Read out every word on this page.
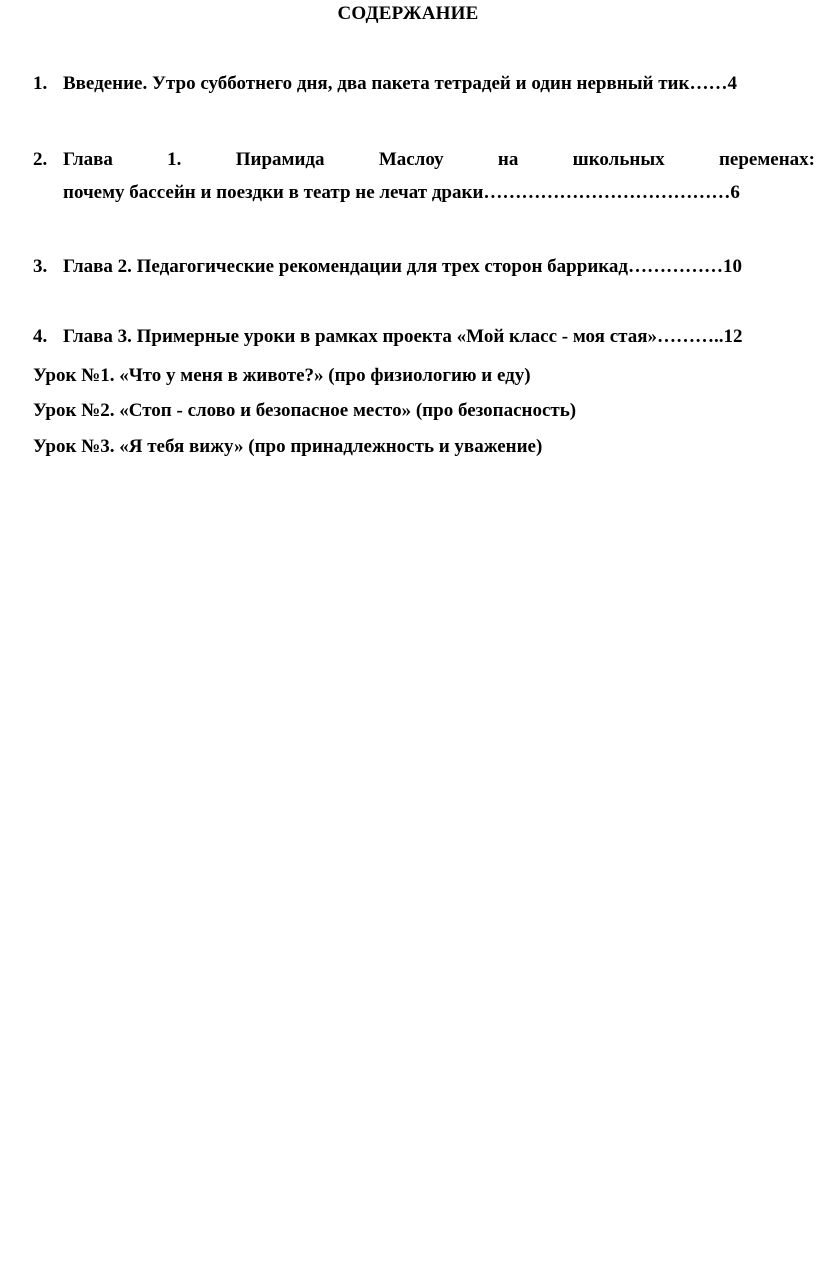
СОДЕРЖАНИЕ
1. Введение. Утро субботнего дня, два пакета тетрадей и один нервный тик……4
2. Глава	1.	Пирамида	Маслоу	на	школьных	переменах:
почему бассейн и поездки в театр не лечат драки…………………………………6
3. Глава 2. Педагогические рекомендации для трех сторон баррикад……………10
4. Глава 3. Примерные уроки в рамках проекта «Мой класс - моя стая»………..12
Урок №1. «Что у меня в животе?» (про физиологию и еду)
Урок №2. «Стоп - слово и безопасное место» (про безопасность)
Урок №3. «Я тебя вижу» (про принадлежность и уважение)
